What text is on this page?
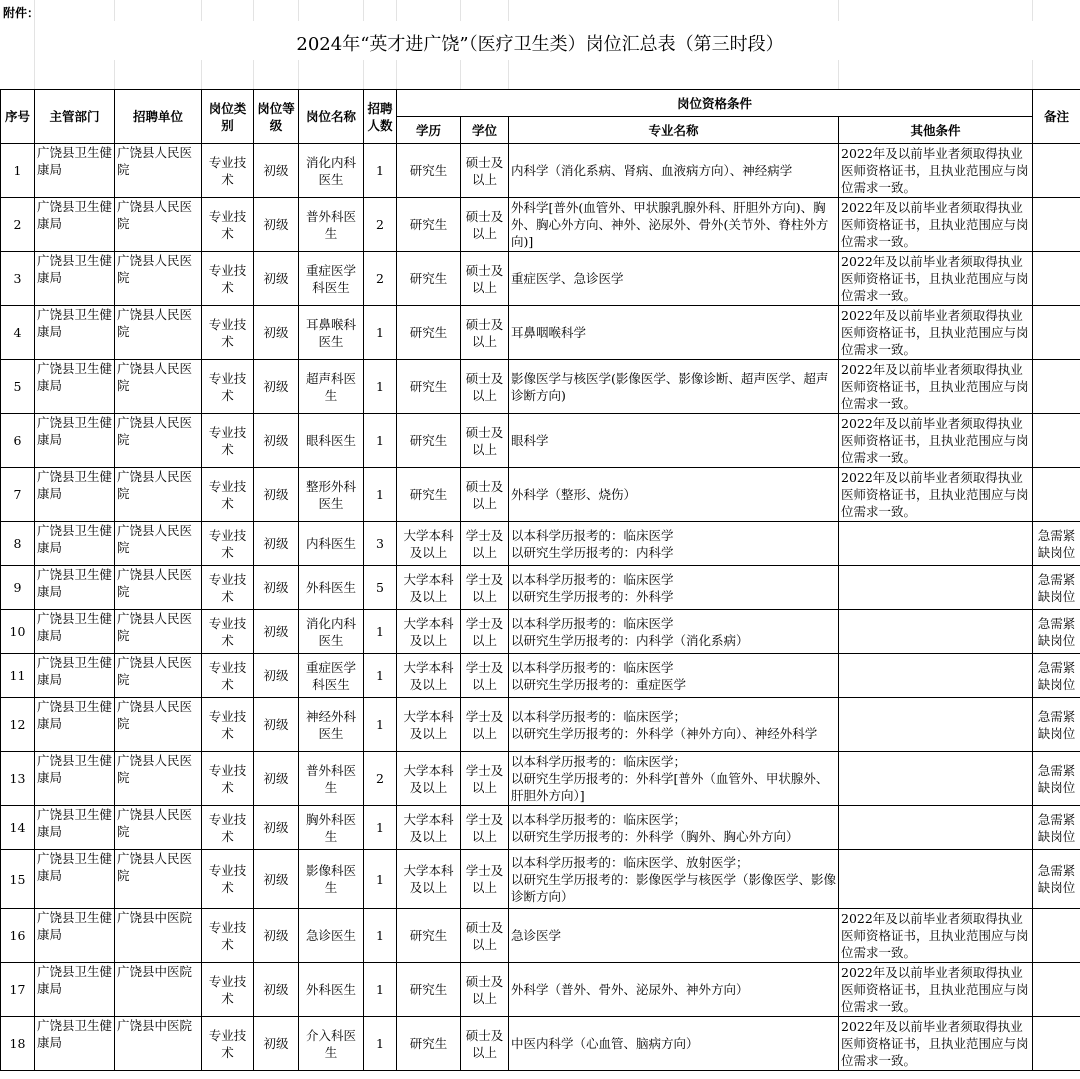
附件：
2024年“英才进广饶”（医疗卫生类）岗位汇总表（第三时段）
序号	主管部门	招聘单位	岗位类别	岗位等级	岗位名称	招聘人数	岗位资格条件				备注
							学历	学位	专业名称	其他条件	
1	广饶县卫生健康局	广饶县人民医院	专业技术	初级	消化内科医生	1	研究生	硕士及以上	内科学（消化系病、肾病、血液病方向）、神经病学	2022年及以前毕业者须取得执业医师资格证书，且执业范围应与岗位需求一致。	
2	广饶县卫生健康局	广饶县人民医院	专业技术	初级	普外科医生	2	研究生	硕士及以上	外科学[普外(血管外、甲状腺乳腺外科、肝胆外方向)、胸外、胸心外方向、神外、泌尿外、骨外(关节外、脊柱外方向)]	2022年及以前毕业者须取得执业医师资格证书，且执业范围应与岗位需求一致。	
3	广饶县卫生健康局	广饶县人民医院	专业技术	初级	重症医学科医生	2	研究生	硕士及以上	重症医学、急诊医学	2022年及以前毕业者须取得执业医师资格证书，且执业范围应与岗位需求一致。	
4	广饶县卫生健康局	广饶县人民医院	专业技术	初级	耳鼻喉科医生	1	研究生	硕士及以上	耳鼻咽喉科学	2022年及以前毕业者须取得执业医师资格证书，且执业范围应与岗位需求一致。	
5	广饶县卫生健康局	广饶县人民医院	专业技术	初级	超声科医生	1	研究生	硕士及以上	影像医学与核医学(影像医学、影像诊断、超声医学、超声诊断方向)	2022年及以前毕业者须取得执业医师资格证书，且执业范围应与岗位需求一致。	
6	广饶县卫生健康局	广饶县人民医院	专业技术	初级	眼科医生	1	研究生	硕士及以上	眼科学	2022年及以前毕业者须取得执业医师资格证书，且执业范围应与岗位需求一致。	
7	广饶县卫生健康局	广饶县人民医院	专业技术	初级	整形外科医生	1	研究生	硕士及以上	外科学（整形、烧伤）	2022年及以前毕业者须取得执业医师资格证书，且执业范围应与岗位需求一致。	
8	广饶县卫生健康局	广饶县人民医院	专业技术	初级	内科医生	3	大学本科及以上	学士及以上	以本科学历报考的：临床医学
以研究生学历报考的：内科学		急需紧缺岗位
9	广饶县卫生健康局	广饶县人民医院	专业技术	初级	外科医生	5	大学本科及以上	学士及以上	以本科学历报考的：临床医学
以研究生学历报考的：外科学		急需紧缺岗位
10	广饶县卫生健康局	广饶县人民医院	专业技术	初级	消化内科医生	1	大学本科及以上	学士及以上	以本科学历报考的：临床医学
以研究生学历报考的：内科学（消化系病）		急需紧缺岗位
11	广饶县卫生健康局	广饶县人民医院	专业技术	初级	重症医学科医生	1	大学本科及以上	学士及以上	以本科学历报考的：临床医学
以研究生学历报考的：重症医学		急需紧缺岗位
12	广饶县卫生健康局	广饶县人民医院	专业技术	初级	神经外科医生	1	大学本科及以上	学士及以上	以本科学历报考的：临床医学；
以研究生学历报考的：外科学（神外方向）、神经外科学		急需紧缺岗位
13	广饶县卫生健康局	广饶县人民医院	专业技术	初级	普外科医生	2	大学本科及以上	学士及以上	以本科学历报考的：临床医学；
以研究生学历报考的：外科学[普外（血管外、甲状腺外、肝胆外方向）]		急需紧缺岗位
14	广饶县卫生健康局	广饶县人民医院	专业技术	初级	胸外科医生	1	大学本科及以上	学士及以上	以本科学历报考的：临床医学；
以研究生学历报考的：外科学（胸外、胸心外方向）		急需紧缺岗位
15	广饶县卫生健康局	广饶县人民医院	专业技术	初级	影像科医生	1	大学本科及以上	学士及以上	以本科学历报考的：临床医学、放射医学；
以研究生学历报考的：影像医学与核医学（影像医学、影像诊断方向）		急需紧缺岗位
16	广饶县卫生健康局	广饶县中医院	专业技术	初级	急诊医生	1	研究生	硕士及以上	急诊医学	2022年及以前毕业者须取得执业医师资格证书，且执业范围应与岗位需求一致。	
17	广饶县卫生健康局	广饶县中医院	专业技术	初级	外科医生	1	研究生	硕士及以上	外科学（普外、骨外、泌尿外、神外方向）	2022年及以前毕业者须取得执业医师资格证书，且执业范围应与岗位需求一致。	
18	广饶县卫生健康局	广饶县中医院	专业技术	初级	介入科医生	1	研究生	硕士及以上	中医内科学（心血管、脑病方向）	2022年及以前毕业者须取得执业医师资格证书，且执业范围应与岗位需求一致。	
